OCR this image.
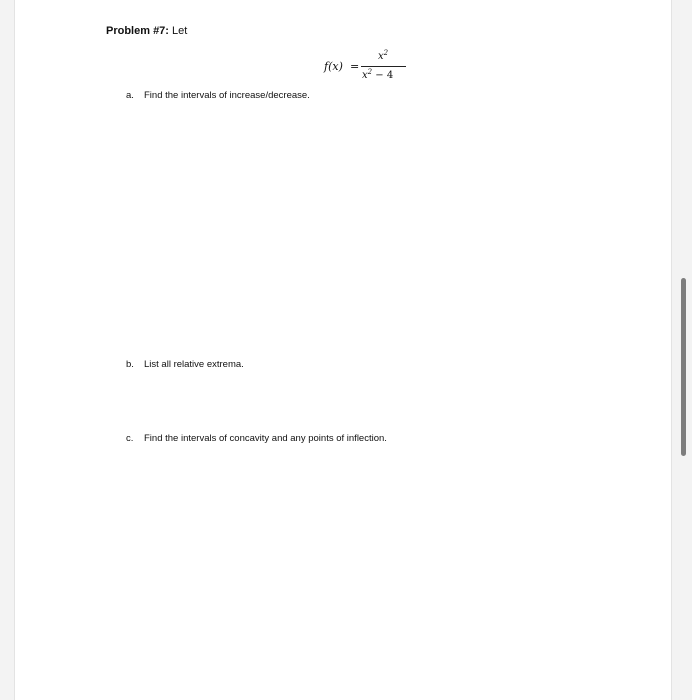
Problem #7: Let
f(x) =
$x^2$
$x^2 - 4$
a. Find the intervals of increase/decrease.
b. List all relative extrema.
c. Find the intervals of concavity and any points of inflection.
